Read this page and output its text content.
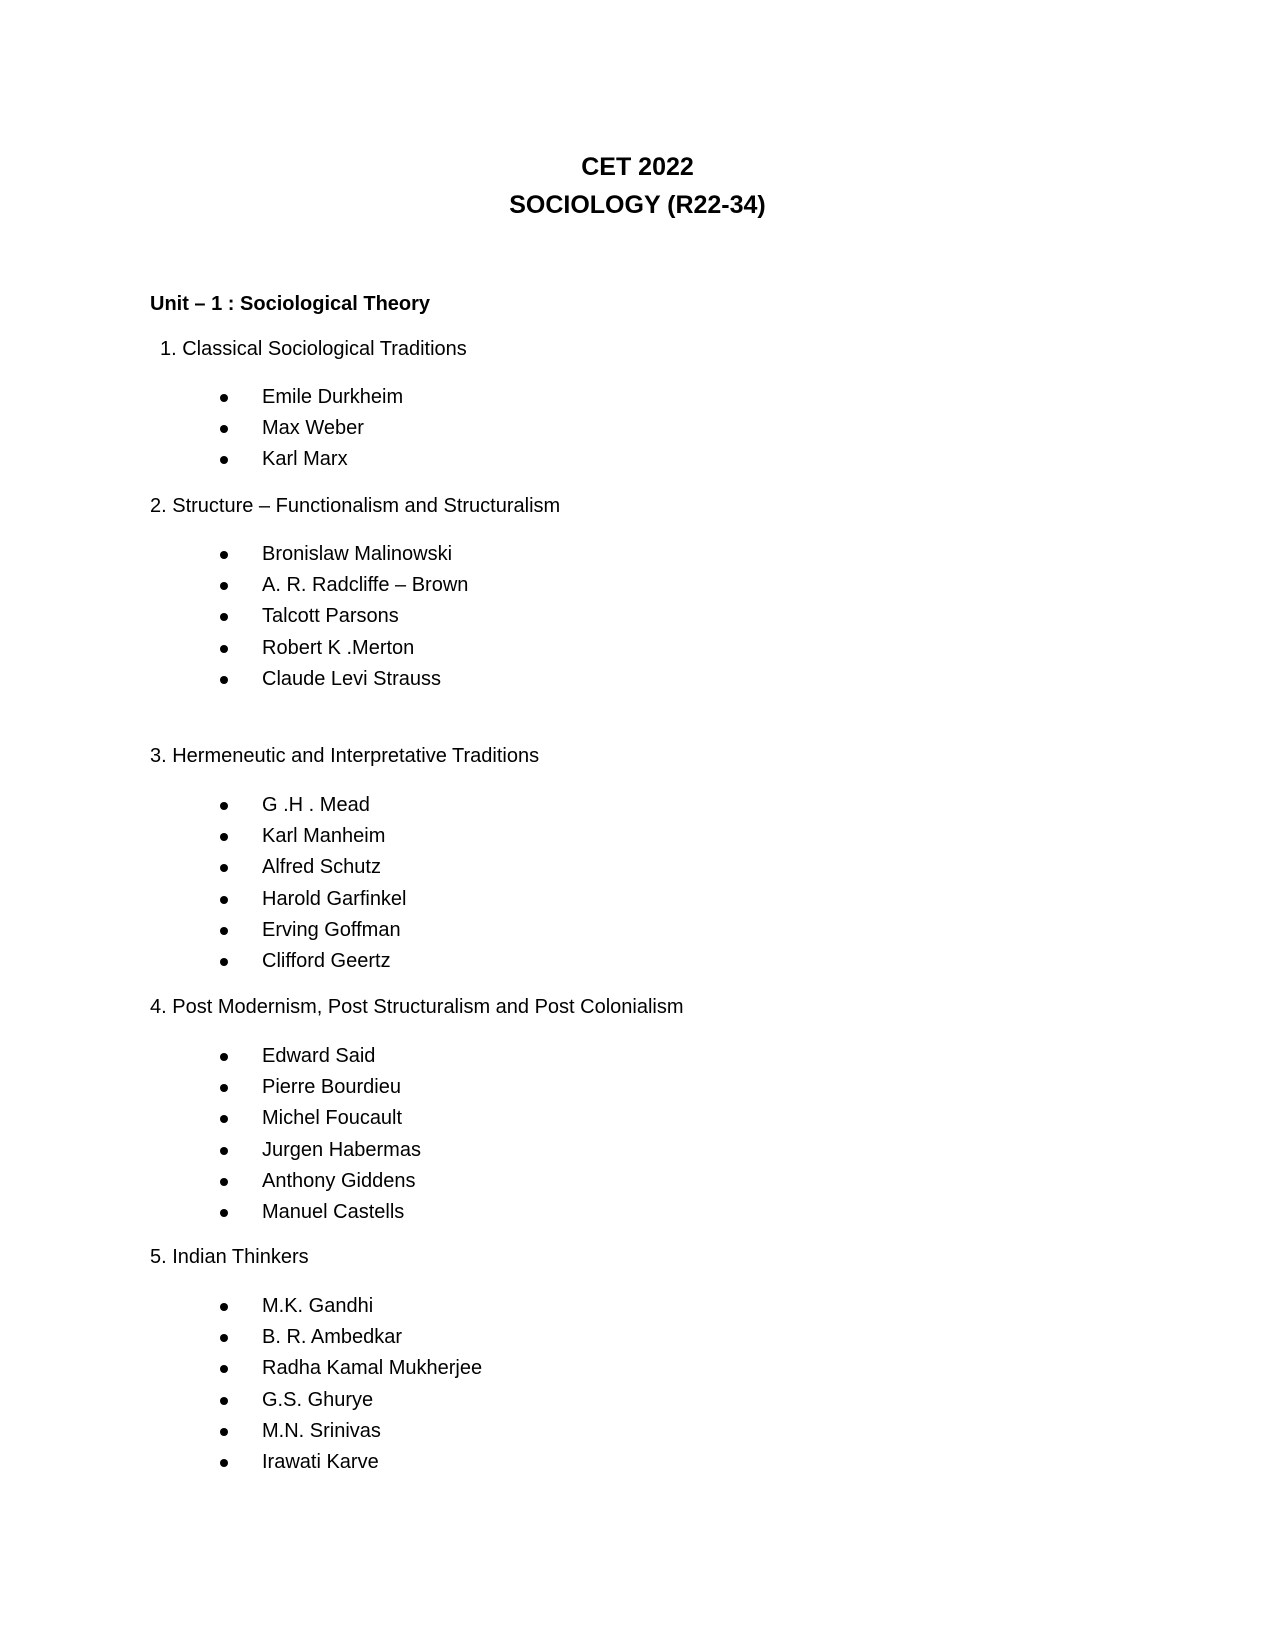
CET 2022
SOCIOLOGY (R22-34)
Unit – 1 : Sociological Theory
1. Classical Sociological Traditions
Emile Durkheim
Max Weber
Karl Marx
2. Structure – Functionalism and Structuralism
Bronislaw Malinowski
A. R. Radcliffe – Brown
Talcott Parsons
Robert K .Merton
Claude Levi Strauss
3. Hermeneutic and Interpretative Traditions
G .H . Mead
Karl Manheim
Alfred Schutz
Harold Garfinkel
Erving Goffman
Clifford Geertz
4. Post Modernism, Post Structuralism and Post Colonialism
Edward Said
Pierre Bourdieu
Michel Foucault
Jurgen Habermas
Anthony Giddens
Manuel Castells
5. Indian Thinkers
M.K. Gandhi
B. R. Ambedkar
Radha Kamal Mukherjee
G.S. Ghurye
M.N. Srinivas
Irawati Karve
